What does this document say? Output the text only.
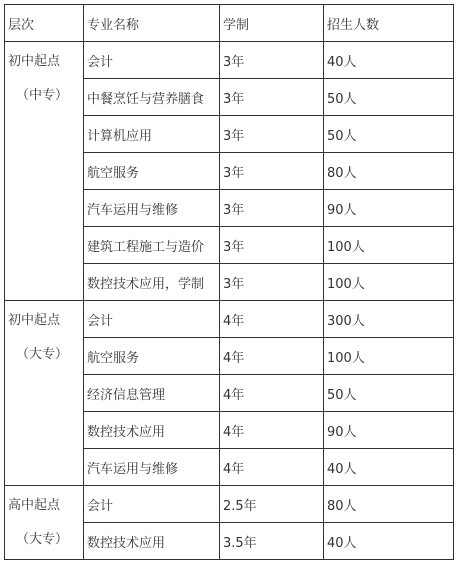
层次	专业名称	学制	招生人数

初中起点
（中专）	会计	3年	40人
	中餐烹饪与营养膳食	3年	50人
	计算机应用	3年	50人
	航空服务	3年	80人
	汽车运用与维修	3年	90人
	建筑工程施工与造价	3年	100人
	数控技术应用，学制	3年	100人

初中起点
（大专）	会计	4年	300人
	航空服务	4年	100人
	经济信息管理	4年	50人
	数控技术应用	4年	90人
	汽车运用与维修	4年	40人

高中起点
（大专）	会计	2.5年	80人
	数控技术应用	3.5年	40人
